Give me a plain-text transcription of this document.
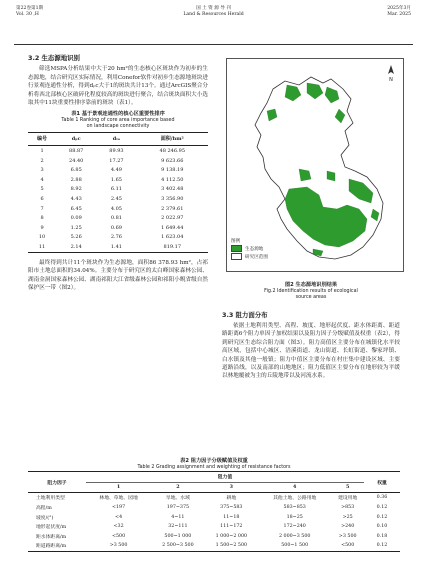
第22卷第1期
Vol. 30 ,H
国 土 资 源 导 刊
Land & Resources Herald
2025年3月
Mar. 2025
3.2 生态源地识别

筛选MSPA分析结果中大于20 hm²的生态核心区斑块作为初步的生态源地，结合研究区实际情况，利用Conefor软件对初步生态源地斑块进行景观连通性分析，得到dₚc大于1的斑块共计13个。通过ArcGIS聚合分析将西北部核心区破碎化程度较高的斑块进行聚合，结合斑块面积大小选取其中11块重要性排序靠前的斑块（表1）。

表1 基于景观连通性的核心区重要性排序
Table 1 Ranking of core area importance based
on landscape connectivity
编号	dₚc	dₗₐ	面积/hm²
1	88.87	89.93	48 246.95
2	24.40	17.27	9 623.66
3	6.85	4.49	9 138.19
4	2.88	1.65	4 112.50
5	8.92	6.11	3 402.48
6	4.43	2.45	3 356.90
7	6.45	4.05	2 379.61
8	0.09	0.81	2 022.97
9	1.25	0.69	1 649.44
10	5.26	2.76	1 623.04
11	2.14	1.41	819.17

最终得到共计11个斑块作为生态源地，面积86 378.93 hm²，占祁阳市土地总面积的34.04%。主要分布于研究区的太白峰国家森林公园、湖南金洞国家森林公园、湖南祁阳大江省级森林公园和祁阳小鲵省级自然保护区一带（图2）。

N
图例
生态源地
研究区范围
图2 生态源地识别结果
Fig.2 Identification results of ecological
source areas
3.3 阻力面分布

依据土地利用类型、高程、坡度、地形起伏度、距水体距离、距道路距离6个阻力单因子加权结果以及阻力因子分级赋值及权重（表2），得到研究区生态综合阻力面（图3）。阻力高值区主要分布在城镇化水平较高区域，包括中心城区、浯溪街道、龙山街道、长虹街道、黎家坪镇、白水镇及其他一般镇；阻力中值区主要分布在村庄集中建设区域、主要道路沿线，以及南部的山地地区；阻力低值区主要分布在地形较为平缓以林地覆被为主的丘陵地带以及河流水系。

表2 阻力因子分级赋值及权重
Table 2 Grading assignment and weighting of resistance factors
阻力因子	阻力值					权重
	1	2	3	4	5	
土地利用类型	林地、草地、园地	旱地、水域	耕地	其他土地、公路用地	建设用地	0.36
高程/m	<197	197~375	375~583	583~853	>853	0.12
坡度/(°)	<4	4~11	11~18	18~25	>25	0.12
地形起伏度/m	<32	32~111	111~172	172~240	>240	0.10
距水体距离/m	<500	500~1 000	1 000~2 000	2 000~3 500	>3 500	0.18
距道路距离/m	>3 500	2 500~3 500	1 500~2 500	500~1 500	<500	0.12
